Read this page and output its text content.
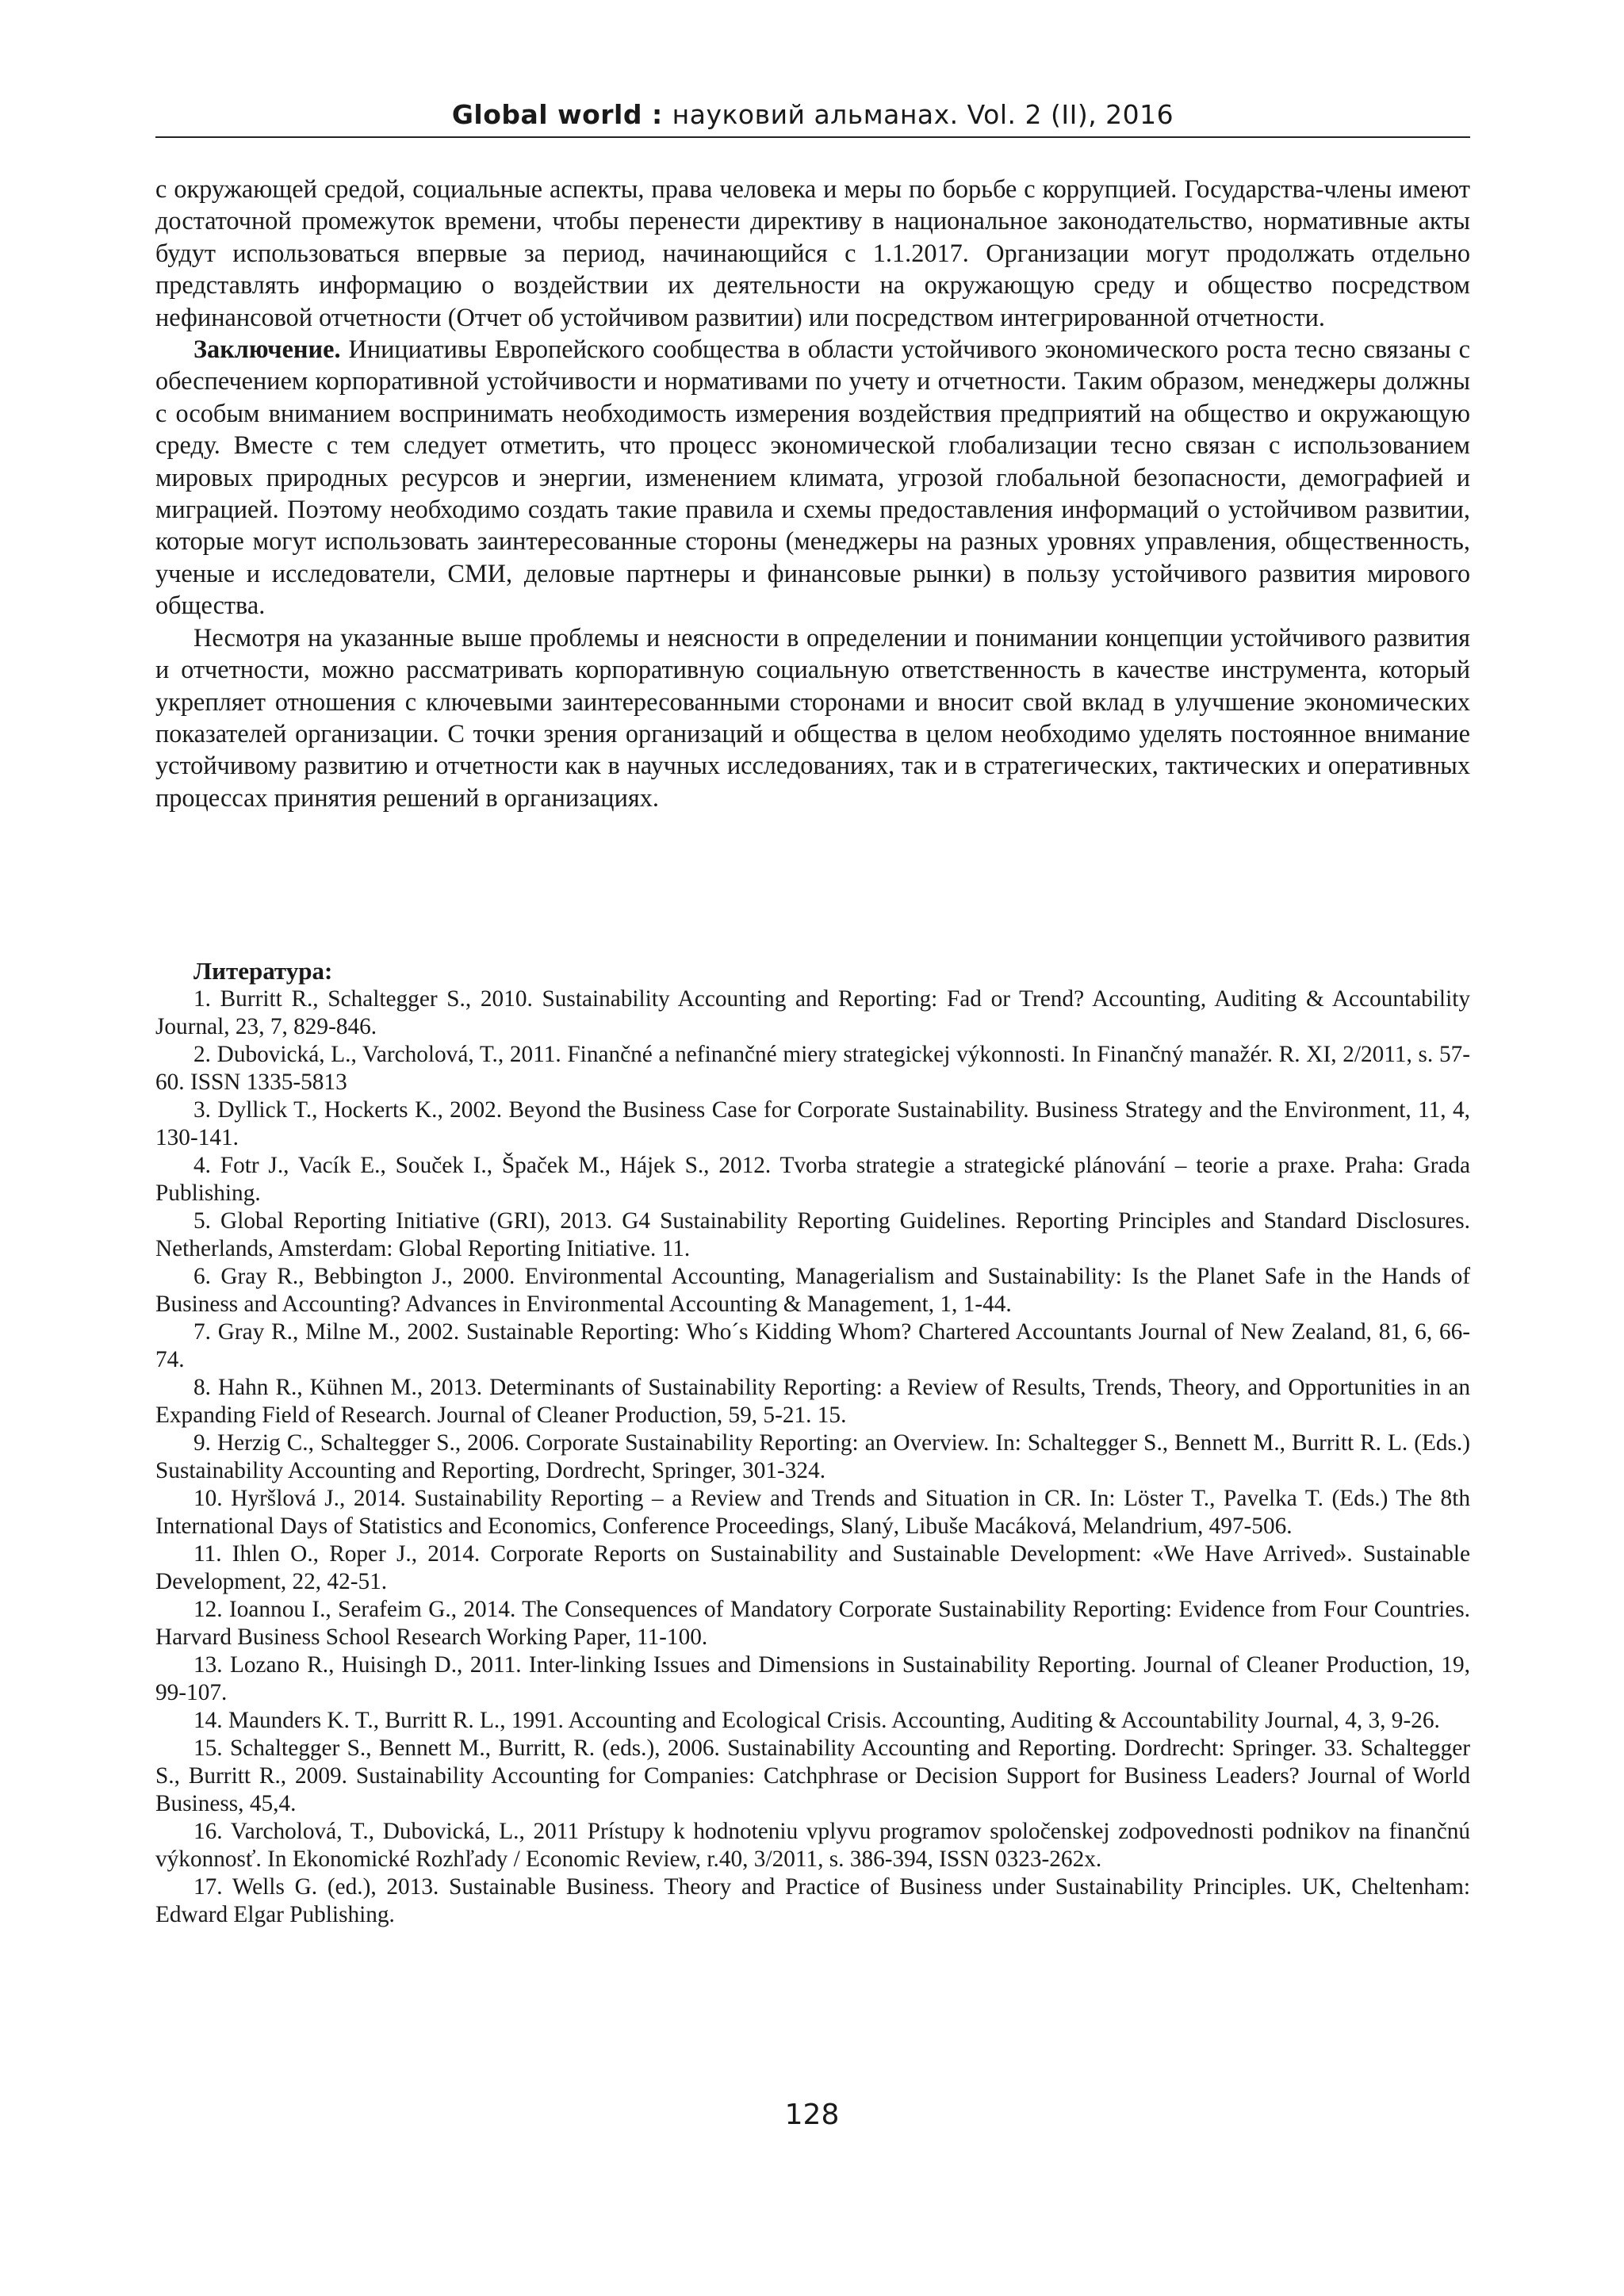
Global world : науковий альманах. Vol. 2 (II), 2016

с окружающей средой, социальные аспекты, права человека и меры по борьбе с коррупцией. Государства-члены имеют достаточной промежуток времени, чтобы перенести директиву в национальное законодательство, нормативные акты будут использоваться впервые за период, начинающийся с 1.1.2017. Организации могут продолжать отдельно представлять информацию о воздействии их деятельности на окружающую среду и общество посредством нефинансовой отчетности (Отчет об устойчивом развитии) или посредством интегрированной отчетности.

Заключение. Инициативы Европейского сообщества в области устойчивого экономического роста тесно связаны с обеспечением корпоративной устойчивости и нормативами по учету и отчетности. Таким образом, менеджеры должны с особым вниманием воспринимать необходимость измерения воздействия предприятий на общество и окружающую среду. Вместе с тем следует отметить, что процесс экономической глобализации тесно связан с использованием мировых природных ресурсов и энергии, изменением климата, угрозой глобальной безопасности, демографией и миграцией. Поэтому необходимо создать такие правила и схемы предоставления информаций о устойчивом развитии, которые могут использовать заинтересованные стороны (менеджеры на разных уровнях управления, общественность, ученые и исследователи, СМИ, деловые партнеры и финансовые рынки) в пользу устойчивого развития мирового общества.

Несмотря на указанные выше проблемы и неясности в определении и понимании концепции устойчивого развития и отчетности, можно рассматривать корпоративную социальную ответственность в качестве инструмента, который укрепляет отношения с ключевыми заинтересованными сторонами и вносит свой вклад в улучшение экономических показателей организации. С точки зрения организаций и общества в целом необходимо уделять постоянное внимание устойчивому развитию и отчетности как в научных исследованиях, так и в стратегических, тактических и оперативных процессах принятия решений в организациях.

Литература:

1. Burritt R., Schaltegger S., 2010. Sustainability Accounting and Reporting: Fad or Trend? Accounting, Auditing & Accountability Journal, 23, 7, 829-846.

2. Dubovická, L., Varcholová, T., 2011. Finančné a nefinančné miery strategickej výkonnosti. In Finančný manažér. R. XI, 2/2011, s. 57-60. ISSN 1335-5813

3. Dyllick T., Hockerts K., 2002. Beyond the Business Case for Corporate Sustainability. Business Strategy and the Environment, 11, 4, 130-141.

4. Fotr J., Vacík E., Souček I., Špaček M., Hájek S., 2012. Tvorba strategie a strategické plánování – teorie a praxe. Praha: Grada Publishing.

5. Global Reporting Initiative (GRI), 2013. G4 Sustainability Reporting Guidelines. Reporting Principles and Standard Disclosures. Netherlands, Amsterdam: Global Reporting Initiative. 11.

6. Gray R., Bebbington J., 2000. Environmental Accounting, Managerialism and Sustainability: Is the Planet Safe in the Hands of Business and Accounting? Advances in Environmental Accounting & Management, 1, 1-44.

7. Gray R., Milne M., 2002. Sustainable Reporting: Who´s Kidding Whom? Chartered Accountants Journal of New Zealand, 81, 6, 66-74.

8. Hahn R., Kühnen M., 2013. Determinants of Sustainability Reporting: a Review of Results, Trends, Theory, and Opportunities in an Expanding Field of Research. Journal of Cleaner Production, 59, 5-21. 15.

9. Herzig C., Schaltegger S., 2006. Corporate Sustainability Reporting: an Overview. In: Schaltegger S., Bennett M., Burritt R. L. (Eds.) Sustainability Accounting and Reporting, Dordrecht, Springer, 301-324.

10. Hyršlová J., 2014. Sustainability Reporting – a Review and Trends and Situation in CR. In: Löster T., Pavelka T. (Eds.) The 8th International Days of Statistics and Economics, Conference Proceedings, Slaný, Libuše Macáková, Melandrium, 497-506.

11. Ihlen O., Roper J., 2014. Corporate Reports on Sustainability and Sustainable Development: «We Have Arrived». Sustainable Development, 22, 42-51.

12. Ioannou I., Serafeim G., 2014. The Consequences of Mandatory Corporate Sustainability Reporting: Evidence from Four Countries. Harvard Business School Research Working Paper, 11-100.

13. Lozano R., Huisingh D., 2011. Inter-linking Issues and Dimensions in Sustainability Reporting. Journal of Cleaner Production, 19, 99-107.

14. Maunders K. T., Burritt R. L., 1991. Accounting and Ecological Crisis. Accounting, Auditing & Accountability Journal, 4, 3, 9-26.

15. Schaltegger S., Bennett M., Burritt, R. (eds.), 2006. Sustainability Accounting and Reporting. Dordrecht: Springer. 33. Schaltegger S., Burritt R., 2009. Sustainability Accounting for Companies: Catchphrase or Decision Support for Business Leaders? Journal of World Business, 45,4.

16. Varcholová, T., Dubovická, L., 2011 Prístupy k hodnoteniu vplyvu programov spoločenskej zodpovednosti podnikov na finančnú výkonnosť. In Ekonomické Rozhľady / Economic Review, r.40, 3/2011, s. 386-394, ISSN 0323-262x.

17. Wells G. (ed.), 2013. Sustainable Business. Theory and Practice of Business under Sustainability Principles. UK, Cheltenham: Edward Elgar Publishing.

128
